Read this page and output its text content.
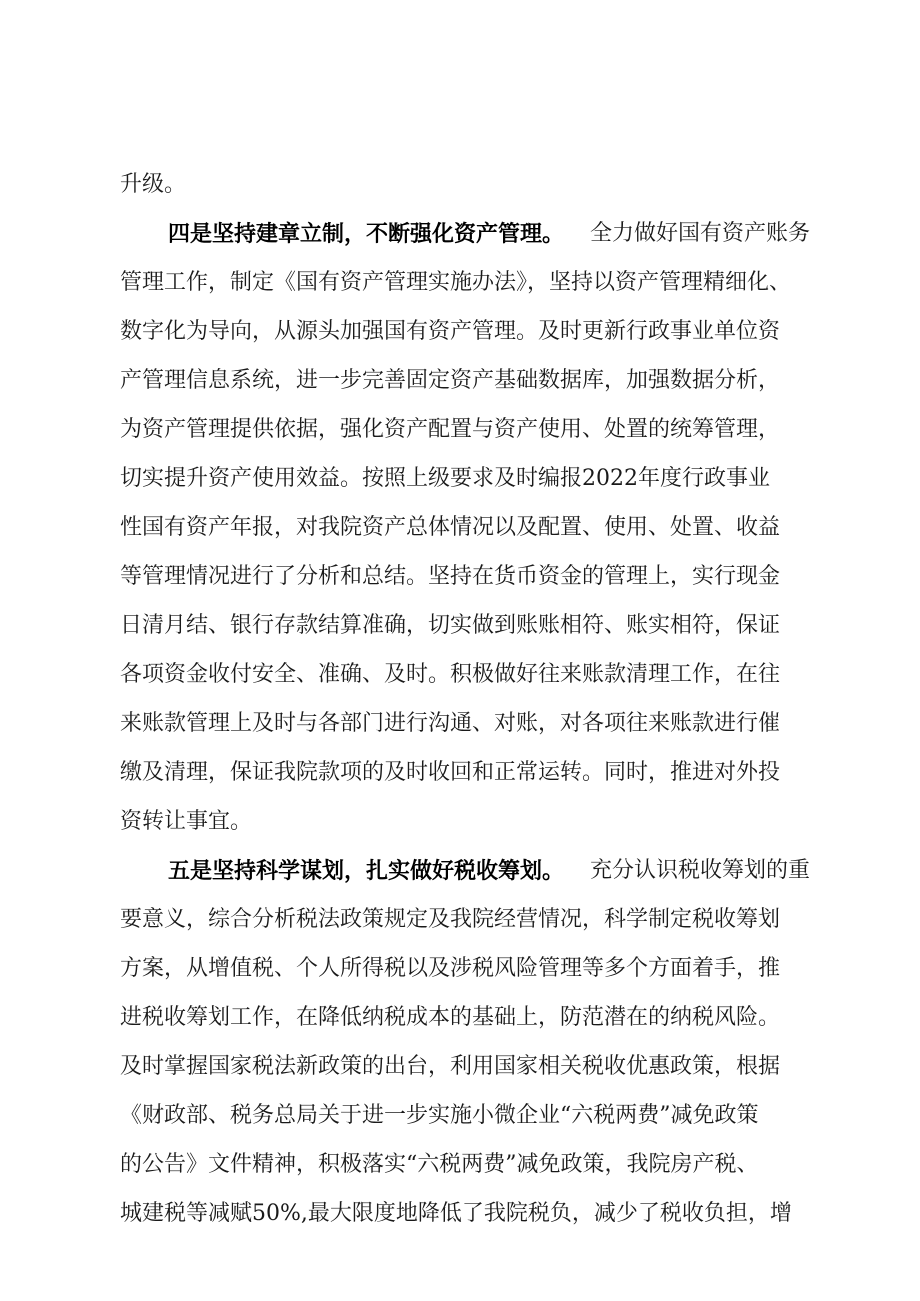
升级。
四是坚持建章立制，不断强化资产管理。 全力做好国有资产账务
管理工作，制定《国有资产管理实施办法》，坚持以资产管理精细化、
数字化为导向，从源头加强国有资产管理。及时更新行政事业单位资
产管理信息系统，进一步完善固定资产基础数据库，加强数据分析，
为资产管理提供依据，强化资产配置与资产使用、处置的统筹管理，
切实提升资产使用效益。按照上级要求及时编报2022年度行政事业
性国有资产年报，对我院资产总体情况以及配置、使用、处置、收益
等管理情况进行了分析和总结。坚持在货币资金的管理上，实行现金
日清月结、银行存款结算准确，切实做到账账相符、账实相符，保证
各项资金收付安全、准确、及时。积极做好往来账款清理工作，在往
来账款管理上及时与各部门进行沟通、对账，对各项往来账款进行催
缴及清理，保证我院款项的及时收回和正常运转。同时，推进对外投
资转让事宜。
五是坚持科学谋划，扎实做好税收筹划。 充分认识税收筹划的重
要意义，综合分析税法政策规定及我院经营情况，科学制定税收筹划
方案，从增值税、个人所得税以及涉税风险管理等多个方面着手，推
进税收筹划工作，在降低纳税成本的基础上，防范潜在的纳税风险。
及时掌握国家税法新政策的出台，利用国家相关税收优惠政策，根据
《财政部、税务总局关于进一步实施小微企业“六税两费”减免政策
的公告》文件精神，积极落实“六税两费”减免政策，我院房产税、
城建税等减赋50%,最大限度地降低了我院税负，减少了税收负担，增
